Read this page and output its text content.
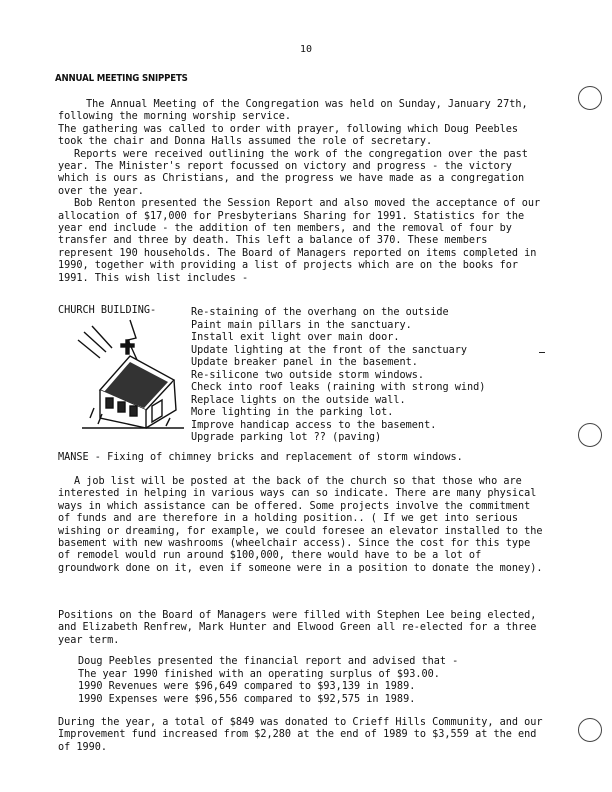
10
ANNUAL MEETING SNIPPETS

The Annual Meeting of the Congregation was held on Sunday, January 27th, following the morning worship service.

The gathering was called to order with prayer, following which Doug Peebles took the chair and Donna Halls assumed the role of secretary.

Reports were received outlining the work of the congregation over the past year. The Minister's report focussed on victory and progress - the victory which is ours as Christians, and the progress we have made as a congregation over the year.

Bob Renton presented the Session Report and also moved the acceptance of our allocation of $17,000 for Presbyterians Sharing for 1991. Statistics for the year end include - the addition of ten members, and the removal of four by transfer and three by death. This left a balance of 370. These members represent 190 households. The Board of Managers reported on items completed in 1990, together with providing a list of projects which are on the books for 1991. This wish list includes -

CHURCH BUILDING-	Re-staining of the overhang on the outside
Paint main pillars in the sanctuary.
Install exit light over main door.
Update lighting at the front of the sanctuary
Update breaker panel in the basement.
Re-silicone two outside storm windows.
Check into roof leaks (raining with strong wind)
Replace lights on the outside wall.
More lighting in the parking lot.
Improve handicap access to the basement.
Upgrade parking lot ?? (paving)
MANSE - Fixing of chimney bricks and replacement of storm windows.

A job list will be posted at the back of the church so that those who are interested in helping in various ways can so indicate. There are many physical ways in which assistance can be offered. Some projects involve the commitment of funds and are therefore in a holding position.. ( If we get into serious wishing or dreaming, for example, we could foresee an elevator installed to the basement with new washrooms (wheelchair access). Since the cost for this type of remodel would run around $100,000, there would have to be a lot of groundwork done on it, even if someone were in a position to donate the money).

Positions on the Board of Managers were filled with Stephen Lee being elected, and Elizabeth Renfrew, Mark Hunter and Elwood Green all re-elected for a three year term.

Doug Peebles presented the financial report and advised that -
The year 1990 finished with an operating surplus of $93.00.
1990 Revenues were $96,649 compared to $93,139 in 1989.
1990 Expenses were $96,556 compared to $92,575 in 1989.

During the year, a total of $849 was donated to Crieff Hills Community, and our Improvement fund increased from $2,280 at the end of 1989 to $3,559 at the end of 1990.
